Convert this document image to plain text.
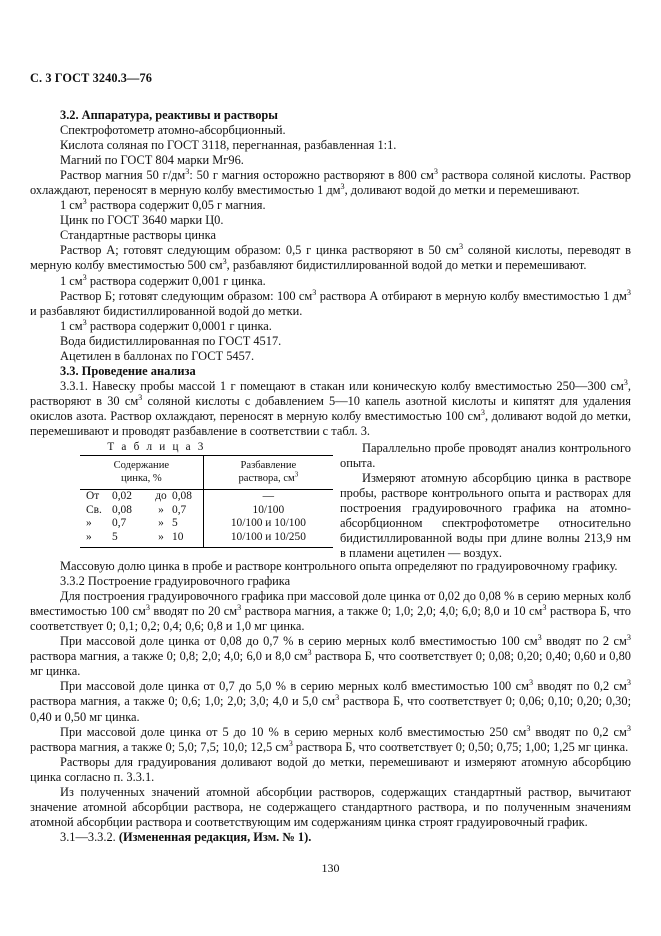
С. 3 ГОСТ 3240.3—76

3.2. Аппаратура, реактивы и растворы

Спектрофотометр атомно-абсорбционный.

Кислота соляная по ГОСТ 3118, перегнанная, разбавленная 1:1.

Магний по ГОСТ 804 марки Мг96.

Раствор магния 50 $г/дм^3$: 50 г магния осторожно растворяют в 800 $см^3$ раствора соляной кислоты. Раствор охлаждают, переносят в мерную колбу вместимостью 1 $дм^3$, доливают водой до метки и перемешивают.

1 $см^3$ раствора содержит 0,05 г магния.

Цинк по ГОСТ 3640 марки Ц0.

Стандартные растворы цинка

Раствор А; готовят следующим образом: 0,5 г цинка растворяют в 50 $см^3$ соляной кислоты, переводят в мерную колбу вместимостью 500 $см^3$, разбавляют бидистиллированной водой до метки и перемешивают.

1 $см^3$ раствора содержит 0,001 г цинка.

Раствор Б; готовят следующим образом: 100 $см^3$ раствора А отбирают в мерную колбу вместимостью 1 $дм^3$ и разбавляют бидистиллированной водой до метки.

1 $см^3$ раствора содержит 0,0001 г цинка.

Вода бидистиллированная по ГОСТ 4517.

Ацетилен в баллонах по ГОСТ 5457.

3.3. Проведение анализа

3.3.1. Навеску пробы массой 1 г помещают в стакан или коническую колбу вместимостью 250—300 $см^3$, растворяют в 30 $см^3$ соляной кислоты с добавлением 5—10 капель азотной кислоты и кипятят для удаления окислов азота. Раствор охлаждают, переносят в мерную колбу вместимостью 100 $см^3$, доливают водой до метки, перемешивают и проводят разбавление в соответствии с табл. 3.

Т а б л и ц а 3
Содержание
цинка, %	Разбавление
раствора, $см^3$
От 0,02 до 0,08	—
Св. 0,08 » 0,7	10/100
» 0,7 » 5	10/100 и 10/100
» 5 » 10	10/100 и 10/250

Параллельно пробе проводят анализ контрольного опыта.

Измеряют атомную абсорбцию цинка в растворе пробы, растворе контрольного опыта и растворах для построения градуировочного графика на атомно-абсорбционном спектрофотометре относительно бидистиллированной воды при длине волны 213,9 нм в пламени ацетилен — воздух.

Массовую долю цинка в пробе и растворе контрольного опыта определяют по градуировочному графику.

3.3.2 Построение градуировочного графика

Для построения градуировочного графика при массовой доле цинка от 0,02 до 0,08 % в серию мерных колб вместимостью 100 $см^3$ вводят по 20 $см^3$ раствора магния, а также 0; 1,0; 2,0; 4,0; 6,0; 8,0 и 10 $см^3$ раствора Б, что соответствует 0; 0,1; 0,2; 0,4; 0,6; 0,8 и 1,0 мг цинка.

При массовой доле цинка от 0,08 до 0,7 % в серию мерных колб вместимостью 100 $см^3$ вводят по 2 $см^3$ раствора магния, а также 0; 0,8; 2,0; 4,0; 6,0 и 8,0 $см^3$ раствора Б, что соответствует 0; 0,08; 0,20; 0,40; 0,60 и 0,80 мг цинка.

При массовой доле цинка от 0,7 до 5,0 % в серию мерных колб вместимостью 100 $см^3$ вводят по 0,2 $см^3$ раствора магния, а также 0; 0,6; 1,0; 2,0; 3,0; 4,0 и 5,0 $см^3$ раствора Б, что соответствует 0; 0,06; 0,10; 0,20; 0,30; 0,40 и 0,50 мг цинка.

При массовой доле цинка от 5 до 10 % в серию мерных колб вместимостью 250 $см^3$ вводят по 0,2 $см^3$ раствора магния, а также 0; 5,0; 7,5; 10,0; 12,5 $см^3$ раствора Б, что соответствует 0; 0,50; 0,75; 1,00; 1,25 мг цинка.

Растворы для градуирования доливают водой до метки, перемешивают и измеряют атомную абсорбцию цинка согласно п. 3.3.1.

Из полученных значений атомной абсорбции растворов, содержащих стандартный раствор, вычитают значение атомной абсорбции раствора, не содержащего стандартного раствора, и по полученным значениям атомной абсорбции раствора и соответствующим им содержаниям цинка строят градуировочный график.

3.1—3.3.2. (Измененная редакция, Изм. № 1).

130
